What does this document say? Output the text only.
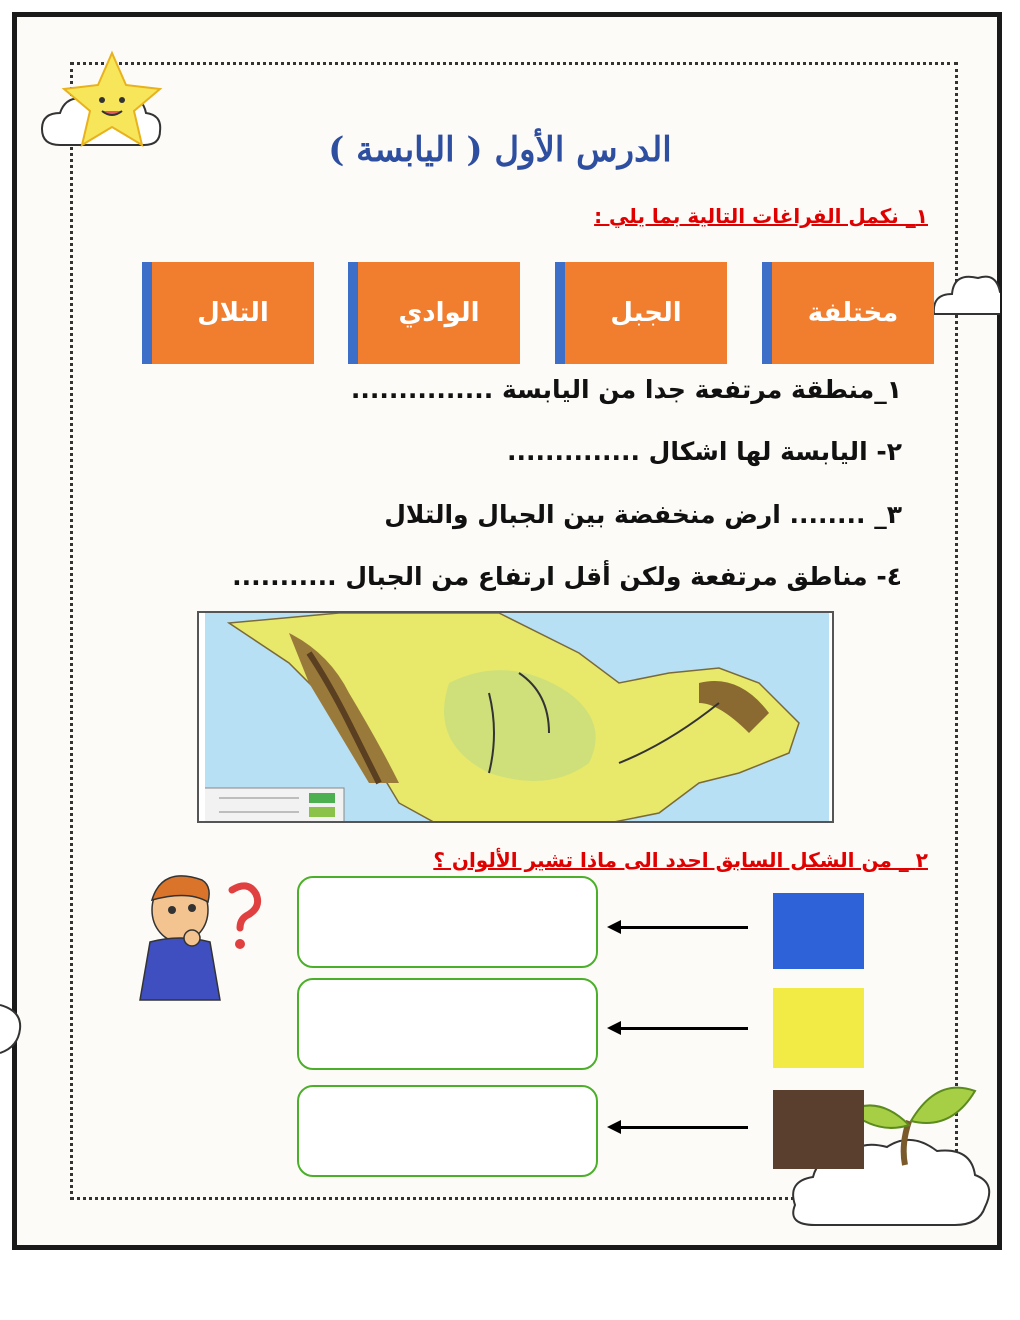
الدرس الأول ( اليابسة )
١_ نكمل الفراغات التالية بما يلي :
مختلفة
الجبل
الوادي
التلال
١_منطقة مرتفعة جدا من اليابسة ...............
٢- اليابسة لها اشكال ..............
٣_ ........ ارض منخفضة بين الجبال والتلال
٤- مناطق مرتفعة ولكن أقل ارتفاع من الجبال ...........
٢ _ من الشكل السابق احدد الى ماذا تشير الألوان ؟
